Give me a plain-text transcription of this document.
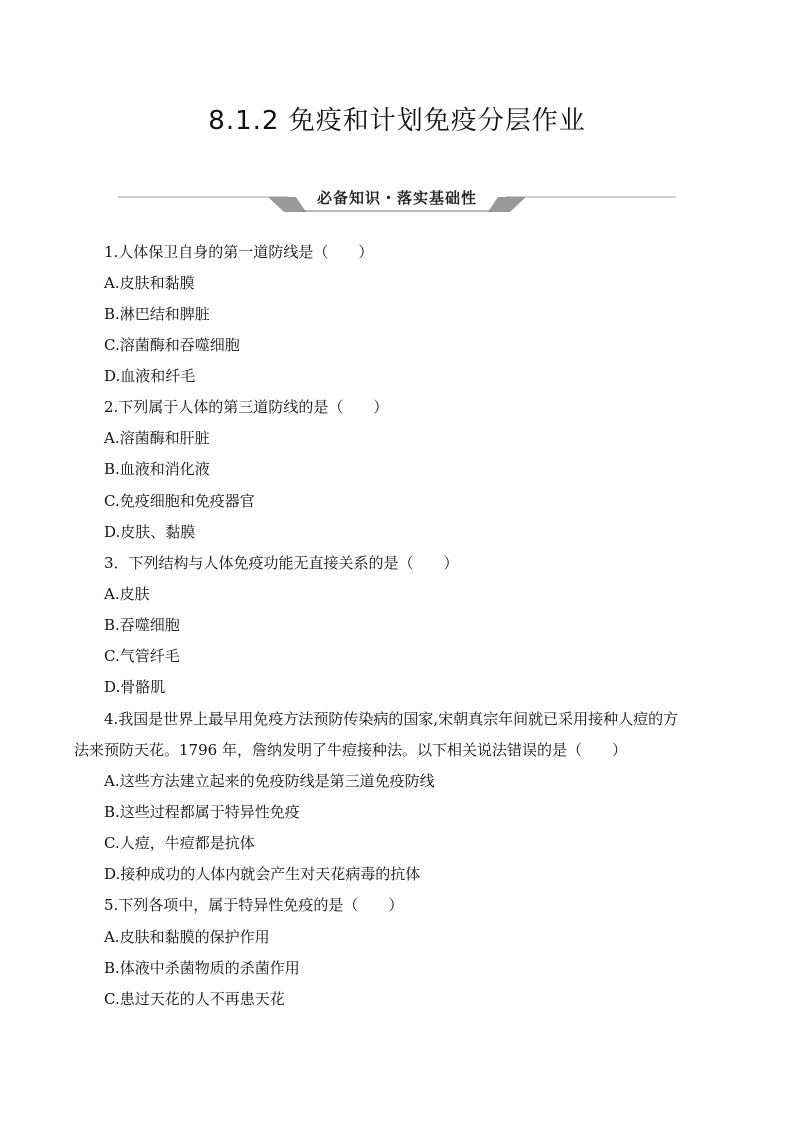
8.1.2 免疫和计划免疫分层作业
必备知识・落实基础性
1.人体保卫自身的第一道防线是（　　）
A.皮肤和黏膜
B.淋巴结和脾脏
C.溶菌酶和吞噬细胞
D.血液和纤毛
2.下列属于人体的第三道防线的是（　　）
A.溶菌酶和肝脏
B.血液和消化液
C.免疫细胞和免疫器官
D.皮肤、黏膜
3．下列结构与人体免疫功能无直接关系的是（　　）
A.皮肤
B.吞噬细胞
C.气管纤毛
D.骨骼肌
4.我国是世界上最早用免疫方法预防传染病的国家,宋朝真宗年间就已采用接种人痘的方
法来预防天花。1796 年，詹纳发明了牛痘接种法。以下相关说法错误的是（　　）
A.这些方法建立起来的免疫防线是第三道免疫防线
B.这些过程都属于特异性免疫
C.人痘，牛痘都是抗体
D.接种成功的人体内就会产生对天花病毒的抗体
5.下列各项中，属于特异性免疫的是（　　）
A.皮肤和黏膜的保护作用
B.体液中杀菌物质的杀菌作用
C.患过天花的人不再患天花
